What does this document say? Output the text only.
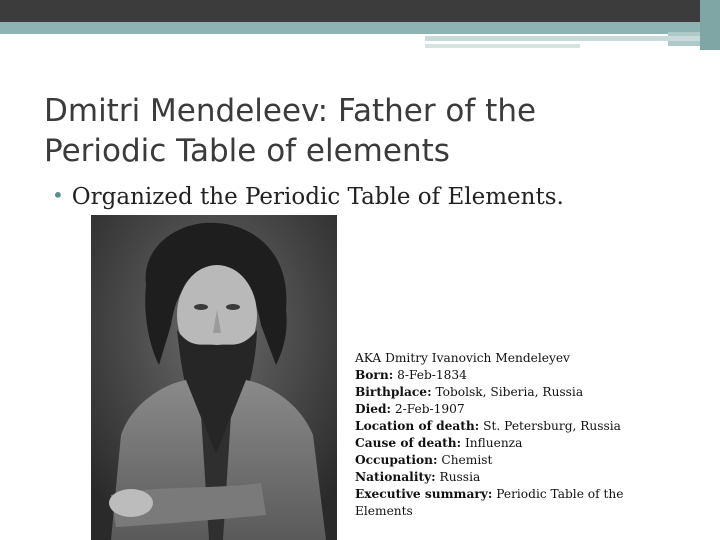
Dmitri Mendeleev: Father of the
Periodic Table of elements
• Organized the Periodic Table of Elements.
AKA Dmitry Ivanovich Mendeleyev
Born: 8-Feb-1834
Birthplace: Tobolsk, Siberia, Russia
Died: 2-Feb-1907
Location of death: St. Petersburg, Russia
Cause of death: Influenza
Occupation: Chemist
Nationality: Russia
Executive summary: Periodic Table of the Elements
